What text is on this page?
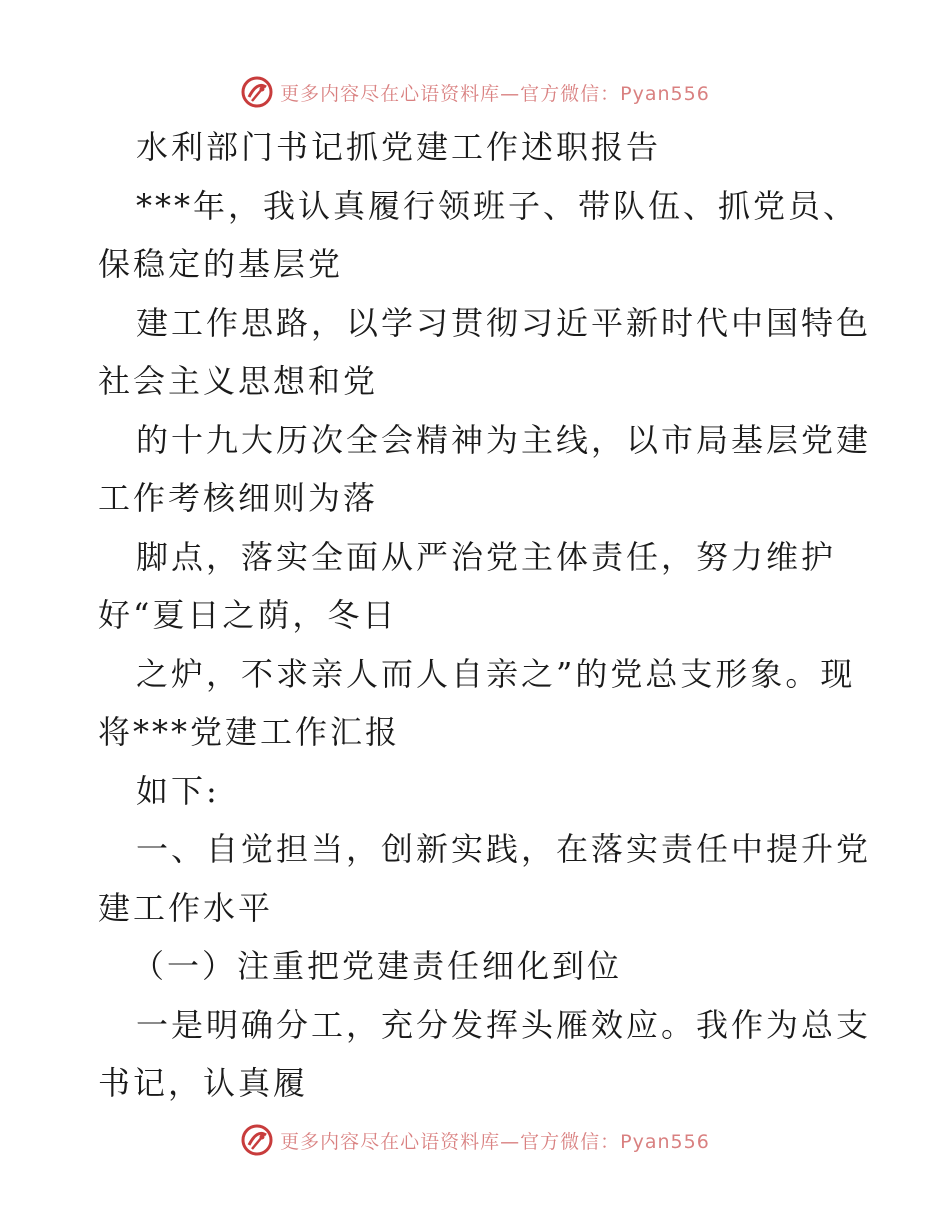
更多内容尽在心语资料库—官方微信：Pyan556
水利部门书记抓党建工作述职报告
***年，我认真履行领班子、带队伍、抓党员、
保稳定的基层党
建工作思路，以学习贯彻习近平新时代中国特色
社会主义思想和党
的十九大历次全会精神为主线，以市局基层党建
工作考核细则为落
脚点，落实全面从严治党主体责任，努力维护
好“夏日之荫，冬日
之炉，不求亲人而人自亲之”的党总支形象。现
将***党建工作汇报
如下:
一、自觉担当，创新实践，在落实责任中提升党
建工作水平
（一）注重把党建责任细化到位
一是明确分工，充分发挥头雁效应。我作为总支
书记，认真履
更多内容尽在心语资料库—官方微信：Pyan556
